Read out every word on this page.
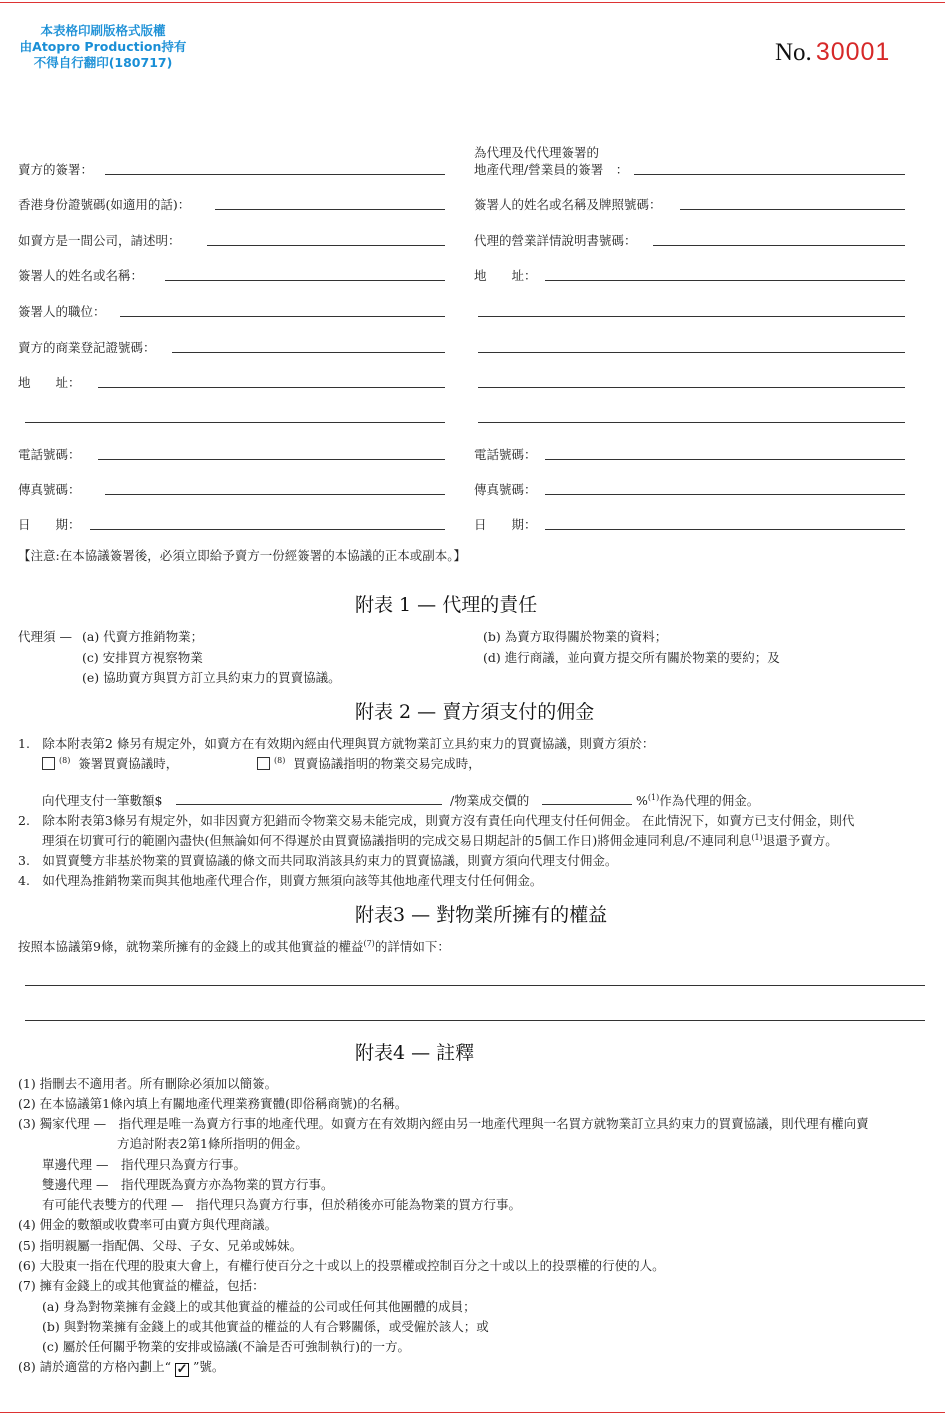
本表格印刷版格式版權
由Atopro Production持有
不得自行翻印(180717)	No. 30001
賣方的簽署：
香港身份證號碼(如適用的話)：
如賣方是一間公司，請述明：
簽署人的姓名或名稱：
簽署人的職位：
賣方的商業登記證號碼：
地　　址：
電話號碼：
傳真號碼：
日　　期：
為代理及代代理簽署的
地產代理/營業員的簽署　：
簽署人的姓名或名稱及牌照號碼：
代理的營業詳情說明書號碼：
地　　址：
電話號碼：
傳真號碼：
日　　期：
【注意:在本協議簽署後，必須立即給予賣方一份經簽署的本協議的正本或副本。】
附表 1 — 代理的責任
代理須 — (a) 代賣方推銷物業；	(b) 為賣方取得關於物業的資料；
(c) 安排買方視察物業	(d) 進行商議，並向賣方提交所有關於物業的要約；及
(e) 協助賣方與買方訂立具約束力的買賣協議。
附表 2 — 賣方須支付的佣金
1.　除本附表第2 條另有規定外，如賣方在有效期內經由代理與買方就物業訂立具約束力的買賣協議，則賣方須於：
$^{(8)}$ 簽署買賣協議時，	$^{(8)}$ 買賣協議指明的物業交易完成時，
向代理支付一筆數額$	/物業成交價的	%$^{(1)}$作為代理的佣金。
2.　除本附表第3條另有規定外，如非因賣方犯錯而令物業交易未能完成，則賣方沒有責任向代理支付任何佣金。 在此情況下，如賣方已支付佣金，則代
理須在切實可行的範圍內盡快(但無論如何不得遲於由買賣協議指明的完成交易日期起計的5個工作日)將佣金連同利息/不連同利息$^{(1)}$退還予賣方。
3.　如買賣雙方非基於物業的買賣協議的條文而共同取消該具約束力的買賣協議，則賣方須向代理支付佣金。
4.　如代理為推銷物業而與其他地產代理合作，則賣方無須向該等其他地產代理支付任何佣金。
附表3 — 對物業所擁有的權益
按照本協議第9條，就物業所擁有的金錢上的或其他實益的權益$^{(7)}$的詳情如下：
附表4 — 註釋
(1) 指刪去不適用者。所有刪除必須加以簡簽。
(2) 在本協議第1條內填上有關地產代理業務實體(即俗稱商號)的名稱。
(3) 獨家代理 —　指代理是唯一為賣方行事的地產代理。如賣方在有效期內經由另一地產代理與一名買方就物業訂立具約束力的買賣協議，則代理有權向賣
方追討附表2第1條所指明的佣金。
單邊代理 —　指代理只為賣方行事。
雙邊代理 —　指代理既為賣方亦為物業的買方行事。
有可能代表雙方的代理 —　指代理只為賣方行事，但於稍後亦可能為物業的買方行事。
(4) 佣金的數額或收費率可由賣方與代理商議。
(5) 指明親屬一指配偶、父母、子女、兄弟或姊妹。
(6) 大股東一指在代理的股東大會上，有權行使百分之十或以上的投票權或控制百分之十或以上的投票權的行使的人。
(7) 擁有金錢上的或其他實益的權益，包括：
(a) 身為對物業擁有金錢上的或其他實益的權益的公司或任何其他團體的成員；
(b) 與對物業擁有金錢上的或其他實益的權益的人有合夥關係，或受僱於該人；或
(c) 屬於任何關乎物業的安排或協議(不論是否可強制執行)的一方。
(8) 請於適當的方格內劃上“ ✓ ”號。
